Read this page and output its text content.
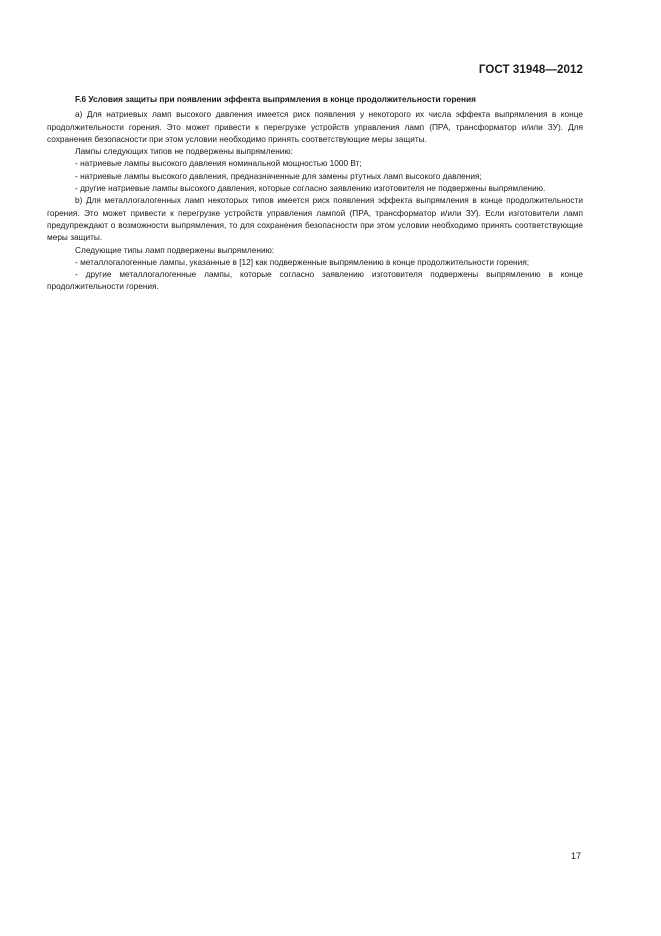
ГОСТ 31948—2012

F.6 Условия защиты при появлении эффекта выпрямления в конце продолжительности горения

а) Для натриевых ламп высокого давления имеется риск появления у некоторого их числа эффекта выпрямления в конце продолжительности горения. Это может привести к перегрузке устройств управления ламп (ПРА, трансформатор и/или ЗУ). Для сохранения безопасности при этом условии необходимо принять соответствующие меры защиты.

Лампы следующих типов не подвержены выпрямлению:

- натриевые лампы высокого давления номинальной мощностью 1000 Вт;

- натриевые лампы высокого давления, предназначенные для замены ртутных ламп высокого давления;

- другие натриевые лампы высокого давления, которые согласно заявлению изготовителя не подвержены выпрямлению.

b) Для металлогалогенных ламп некоторых типов имеется риск появления эффекта выпрямления в конце продолжительности горения. Это может привести к перегрузке устройств управления лампой (ПРА, трансформатор и/или ЗУ). Если изготовители ламп предупреждают о возможности выпрямления, то для сохранения безопасности при этом условии необходимо принять соответствующие меры защиты.

Следующие типы ламп подвержены выпрямлению:

- металлогалогенные лампы, указанные в [12] как подверженные выпрямлению в конце продолжительности горения;

- другие металлогалогенные лампы, которые согласно заявлению изготовителя подвержены выпрямлению в конце продолжительности горения.

17
